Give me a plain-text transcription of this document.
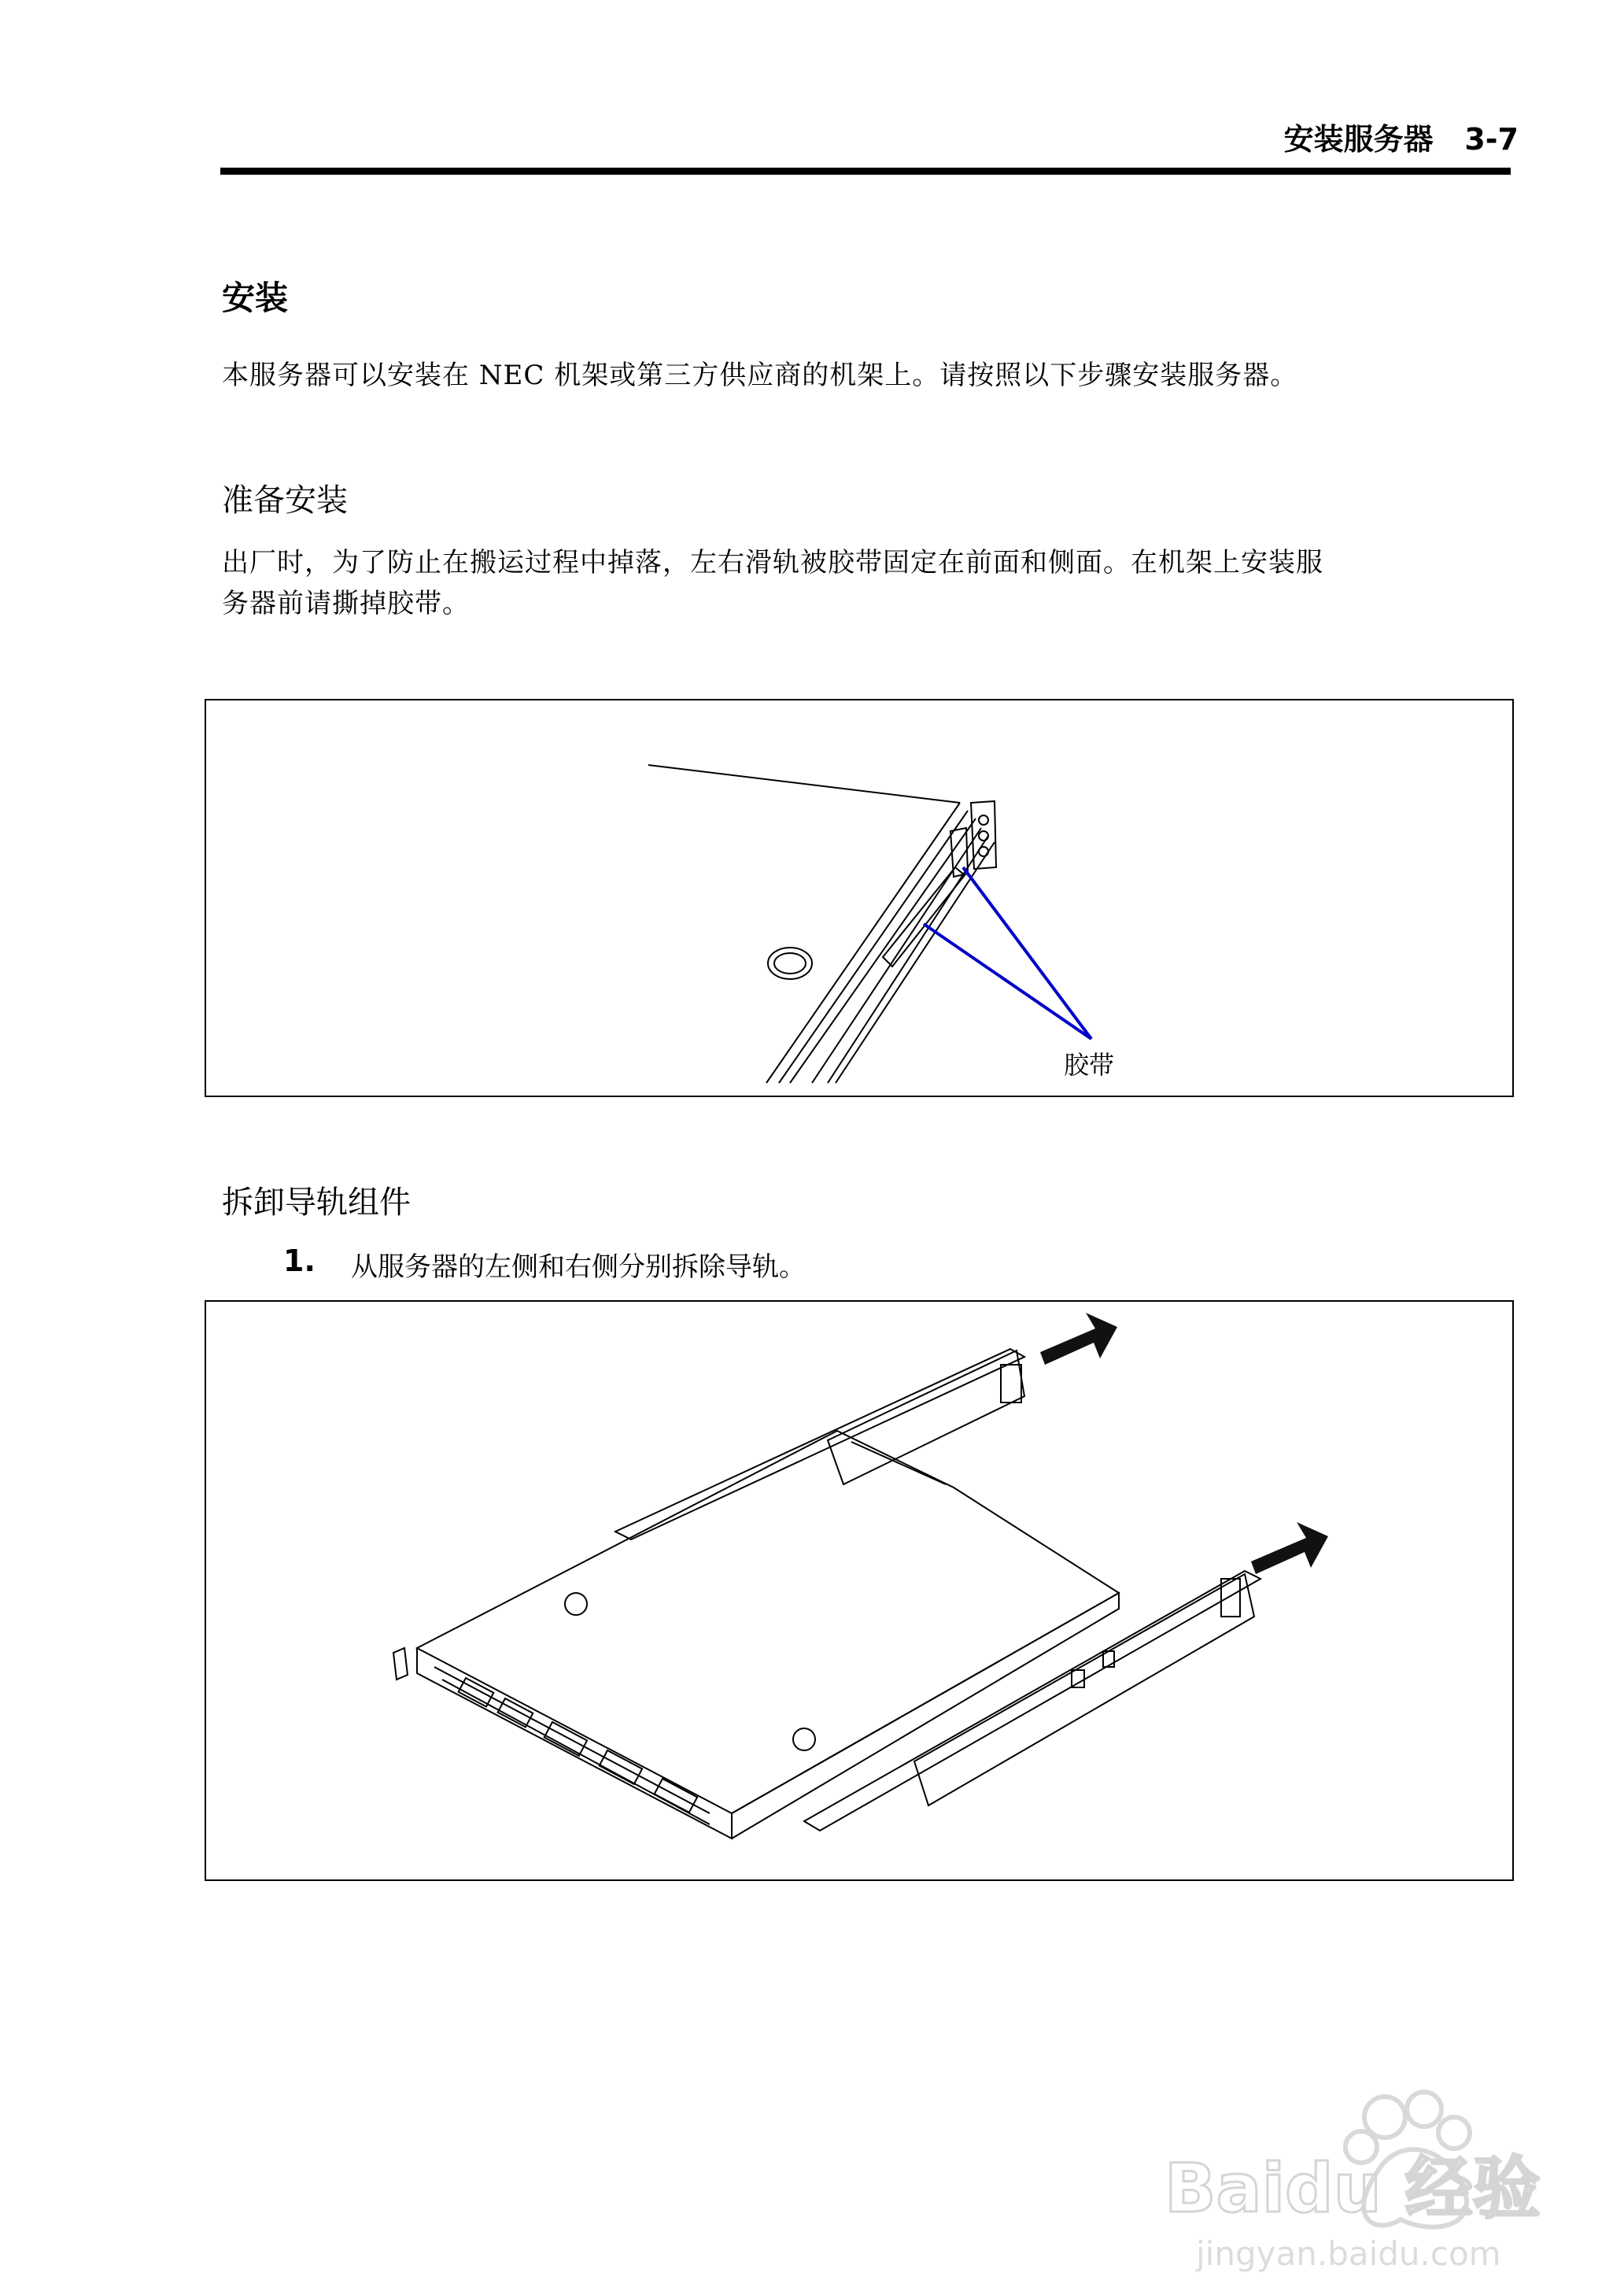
安装服务器 3-7
安装
本服务器可以安装在 NEC 机架或第三方供应商的机架上。请按照以下步骤安装服务器。
准备安装
出厂时，为了防止在搬运过程中掉落，左右滑轨被胶带固定在前面和侧面。在机架上安装服
务器前请撕掉胶带。
胶带
拆卸导轨组件
1. 从服务器的左侧和右侧分别拆除导轨。
Baidu 经验
jingyan.baidu.com
